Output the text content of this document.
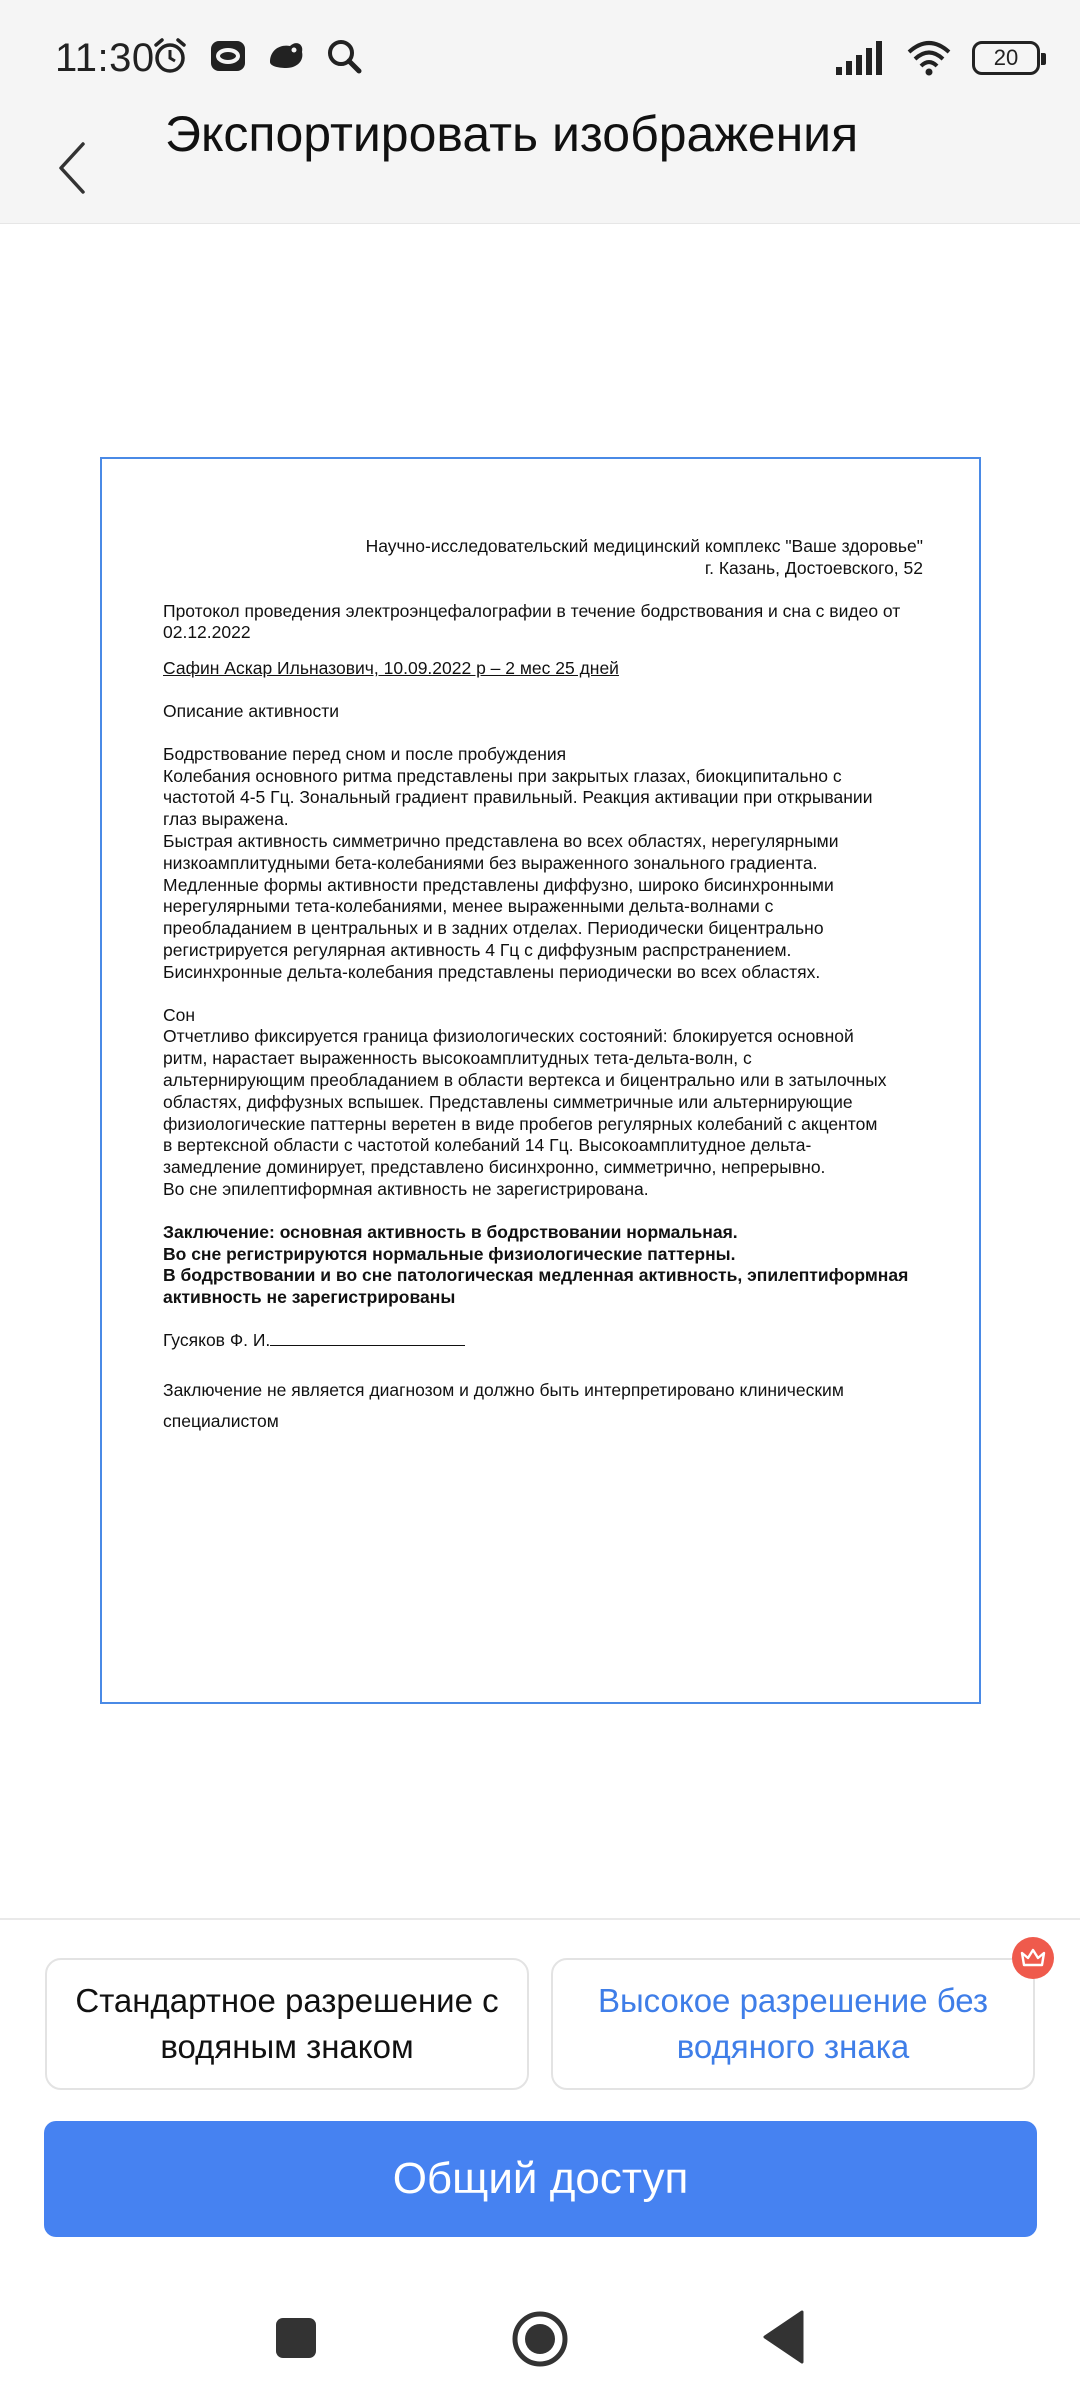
11:30	20
Экспортировать изображения
Научно-исследовательский медицинский комплекс "Ваше здоровье"
г. Казань, Достоевского, 52
Протокол проведения электроэнцефалографии в течение бодрствования и сна с видео от 02.12.2022
Сафин Аскар Ильназович, 10.09.2022 р – 2 мес 25 дней
Описание активности
Бодрствование перед сном и после пробуждения
Колебания основного ритма представлены при закрытых глазах, биокципитально с
частотой 4-5 Гц. Зональный градиент правильный. Реакция активации при открывании
глаз выражена.
Быстрая активность симметрично представлена во всех областях, нерегулярными
низкоамплитудными бета-колебаниями без выраженного зонального градиента.
Медленные формы активности представлены диффузно, широко бисинхронными
нерегулярными тета-колебаниями, менее выраженными дельта-волнами с
преобладанием в центральных и в задних отделах. Периодически бицентрально
регистрируется регулярная активность 4 Гц с диффузным распрстранением.
Бисинхронные дельта-колебания представлены периодически во всех областях.
Сон
Отчетливо фиксируется граница физиологических состояний: блокируется основной
ритм, нарастает выраженность высокоамплитудных тета-дельта-волн, с
альтернирующим преобладанием в области вертекса и бицентрально или в затылочных
областях, диффузных вспышек. Представлены симметричные или альтернирующие
физиологические паттерны веретен в виде пробегов регулярных колебаний с акцентом
в вертексной области с частотой колебаний 14 Гц. Высокоамплитудное дельта-
замедление доминирует, представлено бисинхронно, симметрично, непрерывно.
Во сне эпилептиформная активность не зарегистрирована.
Заключение: основная активность в бодрствовании нормальная.
Во сне регистрируются нормальные физиологические паттерны.
В бодрствовании и во сне патологическая медленная активность, эпилептиформная
активность не зарегистрированы
Гусяков Ф. И.
Заключение не является диагнозом и должно быть интерпретировано клиническим
специалистом
Стандартное разрешение с водяным знаком
Высокое разрешение без водяного знака
Общий доступ
